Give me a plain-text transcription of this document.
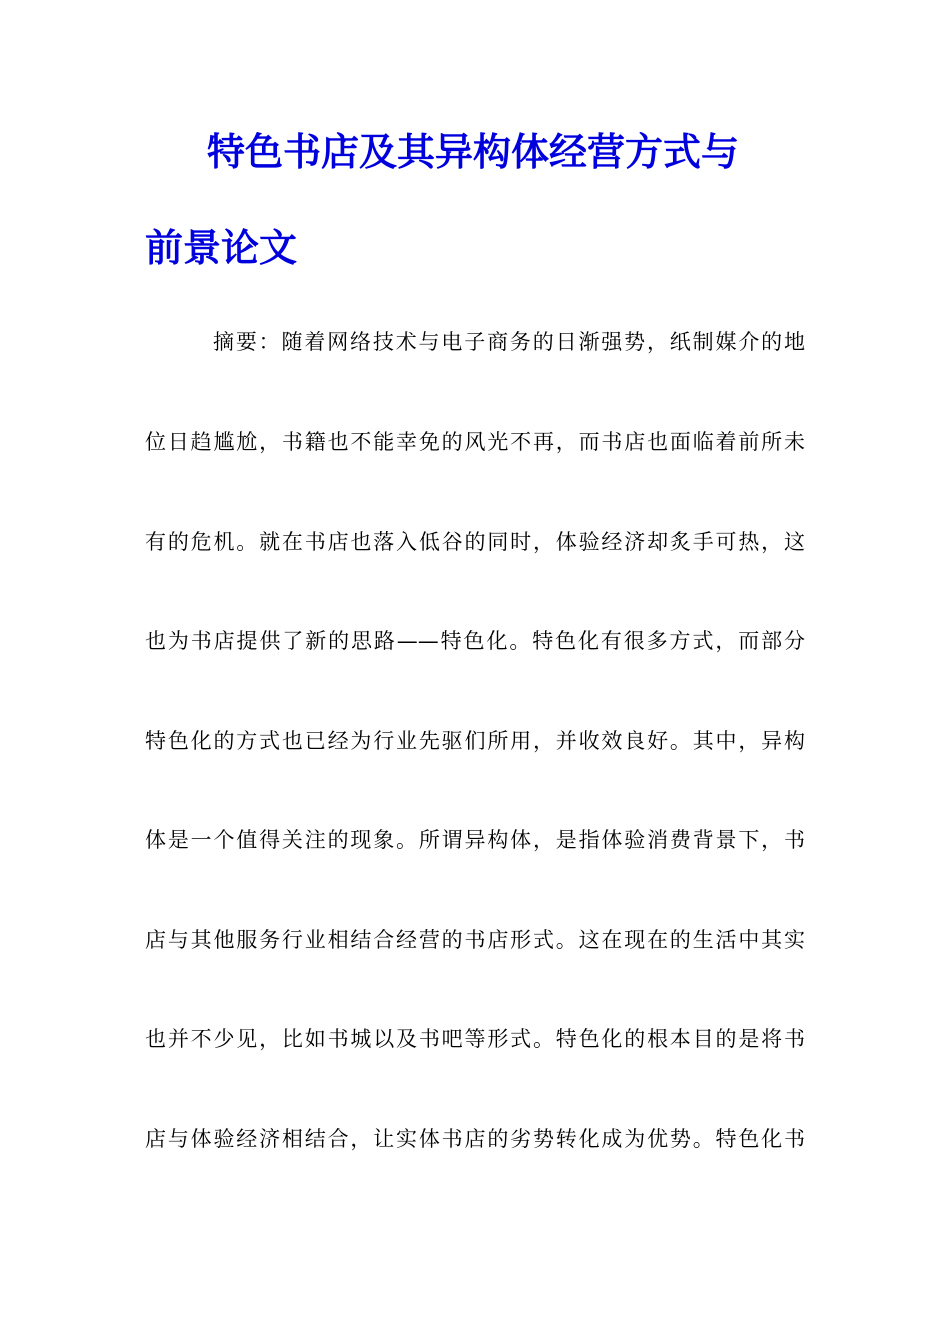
特色书店及其异构体经营方式与
前景论文
摘要：随着网络技术与电子商务的日渐强势，纸制媒介的地
位日趋尴尬，书籍也不能幸免的风光不再，而书店也面临着前所未
有的危机。就在书店也落入低谷的同时，体验经济却炙手可热，这
也为书店提供了新的思路——特色化。特色化有很多方式，而部分
特色化的方式也已经为行业先驱们所用，并收效良好。其中，异构
体是一个值得关注的现象。所谓异构体，是指体验消费背景下，书
店与其他服务行业相结合经营的书店形式。这在现在的生活中其实
也并不少见，比如书城以及书吧等形式。特色化的根本目的是将书
店与体验经济相结合，让实体书店的劣势转化成为优势。特色化书
